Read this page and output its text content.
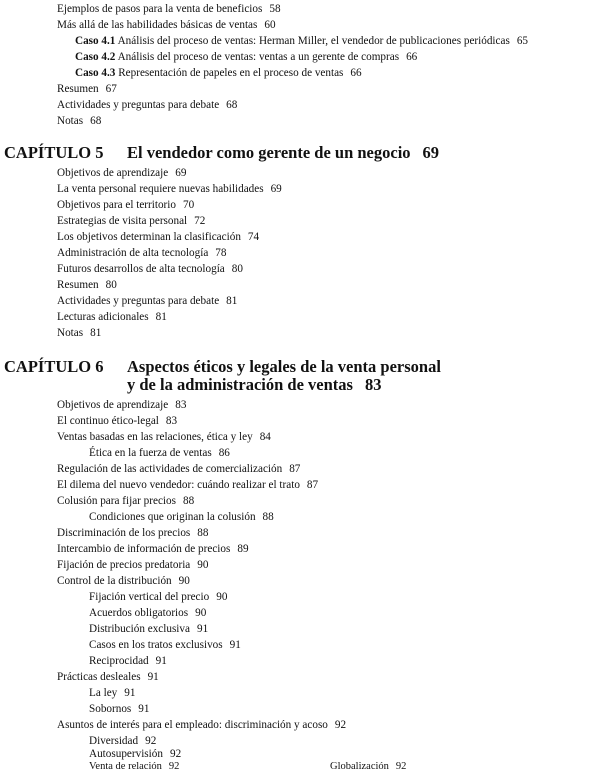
Ejemplos de pasos para la venta de beneficios 58
Más allá de las habilidades básicas de ventas 60
Caso 4.1 Análisis del proceso de ventas: Herman Miller, el vendedor de publicaciones periódicas 65
Caso 4.2 Análisis del proceso de ventas: ventas a un gerente de compras 66
Caso 4.3 Representación de papeles en el proceso de ventas 66
Resumen 67
Actividades y preguntas para debate 68
Notas 68
CAPÍTULO 5 El vendedor como gerente de un negocio 69
Objetivos de aprendizaje 69
La venta personal requiere nuevas habilidades 69
Objetivos para el territorio 70
Estrategias de visita personal 72
Los objetivos determinan la clasificación 74
Administración de alta tecnología 78
Futuros desarrollos de alta tecnología 80
Resumen 80
Actividades y preguntas para debate 81
Lecturas adicionales 81
Notas 81
CAPÍTULO 6 Aspectos éticos y legales de la venta personal
y de la administración de ventas 83
Objetivos de aprendizaje 83
El continuo ético-legal 83
Ventas basadas en las relaciones, ética y ley 84
Ética en la fuerza de ventas 86
Regulación de las actividades de comercialización 87
El dilema del nuevo vendedor: cuándo realizar el trato 87
Colusión para fijar precios 88
Condiciones que originan la colusión 88
Discriminación de los precios 88
Intercambio de información de precios 89
Fijación de precios predatoria 90
Control de la distribución 90
Fijación vertical del precio 90
Acuerdos obligatorios 90
Distribución exclusiva 91
Casos en los tratos exclusivos 91
Reciprocidad 91
Prácticas desleales 91
La ley 91
Sobornos 91
Asuntos de interés para el empleado: discriminación y acoso 92
Diversidad 92
Autosupervisión 92
Venta de relación 92	Globalización 92
